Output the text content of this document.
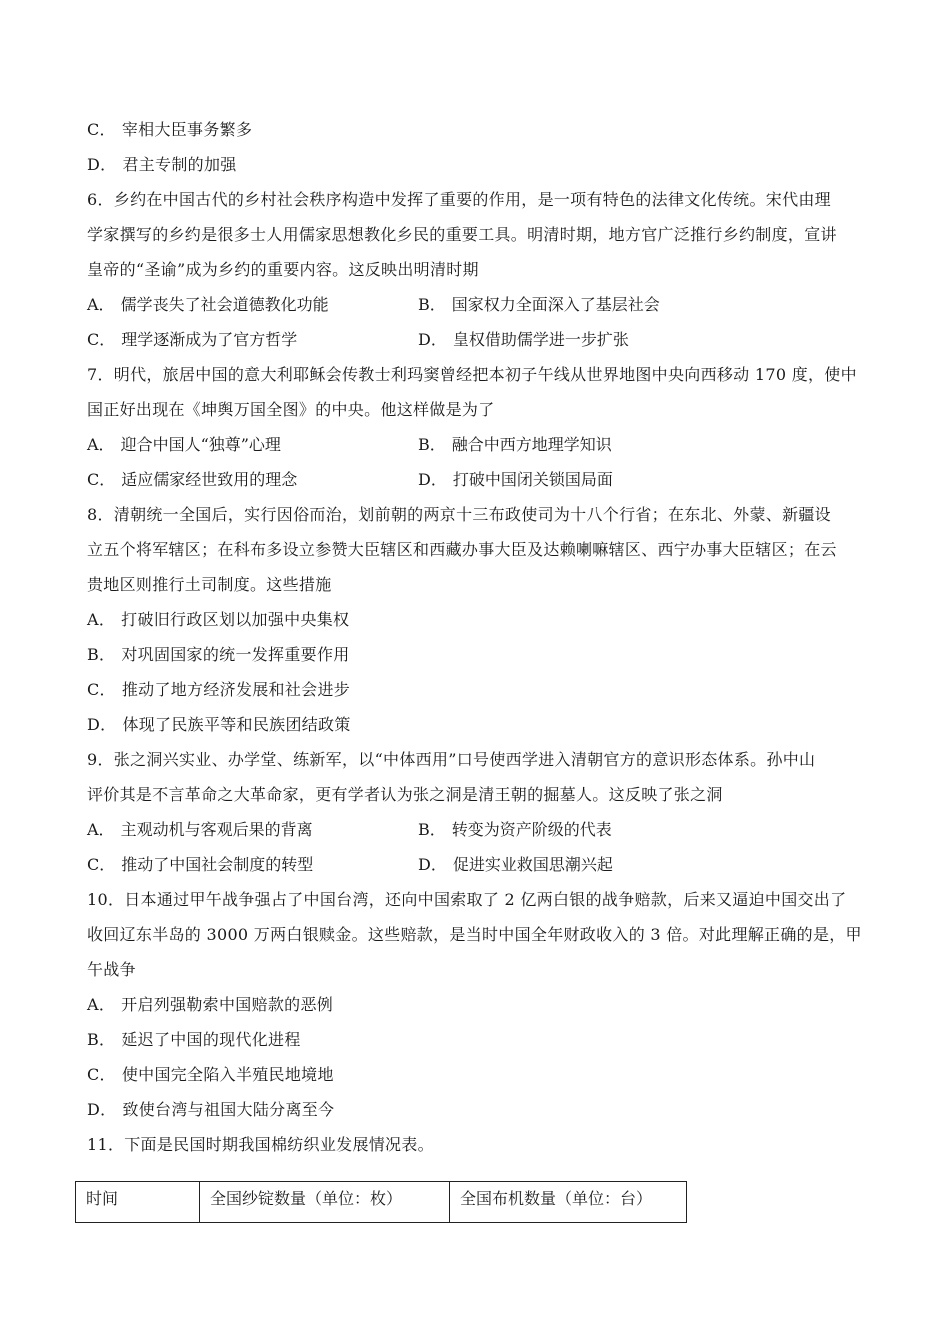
C． 宰相大臣事务繁多
D． 君主专制的加强
6．乡约在中国古代的乡村社会秩序构造中发挥了重要的作用，是一项有特色的法律文化传统。宋代由理
学家撰写的乡约是很多士人用儒家思想教化乡民的重要工具。明清时期，地方官广泛推行乡约制度，宣讲
皇帝的“圣谕”成为乡约的重要内容。这反映出明清时期
A． 儒学丧失了社会道德教化功能	B． 国家权力全面深入了基层社会
C． 理学逐渐成为了官方哲学	D． 皇权借助儒学进一步扩张
7．明代，旅居中国的意大利耶稣会传教士利玛窦曾经把本初子午线从世界地图中央向西移动 170 度，使中
国正好出现在《坤舆万国全图》的中央。他这样做是为了
A． 迎合中国人“独尊”心理	B． 融合中西方地理学知识
C． 适应儒家经世致用的理念	D． 打破中国闭关锁国局面
8．清朝统一全国后，实行因俗而治，划前朝的两京十三布政使司为十八个行省；在东北、外蒙、新疆设
立五个将军辖区；在科布多设立参赞大臣辖区和西藏办事大臣及达赖喇嘛辖区、西宁办事大臣辖区；在云
贵地区则推行土司制度。这些措施
A． 打破旧行政区划以加强中央集权
B． 对巩固国家的统一发挥重要作用
C． 推动了地方经济发展和社会进步
D． 体现了民族平等和民族团结政策
9．张之洞兴实业、办学堂、练新军，以“中体西用”口号使西学进入清朝官方的意识形态体系。孙中山
评价其是不言革命之大革命家，更有学者认为张之洞是清王朝的掘墓人。这反映了张之洞
A． 主观动机与客观后果的背离	B． 转变为资产阶级的代表
C． 推动了中国社会制度的转型	D． 促进实业救国思潮兴起
10．日本通过甲午战争强占了中国台湾，还向中国索取了 2 亿两白银的战争赔款，后来又逼迫中国交出了
收回辽东半岛的 3000 万两白银赎金。这些赔款，是当时中国全年财政收入的 3 倍。对此理解正确的是，甲
午战争
A． 开启列强勒索中国赔款的恶例
B． 延迟了中国的现代化进程
C． 使中国完全陷入半殖民地境地
D． 致使台湾与祖国大陆分离至今
11．下面是民国时期我国棉纺织业发展情况表。
时间	全国纱锭数量（单位：枚）	全国布机数量（单位：台）
